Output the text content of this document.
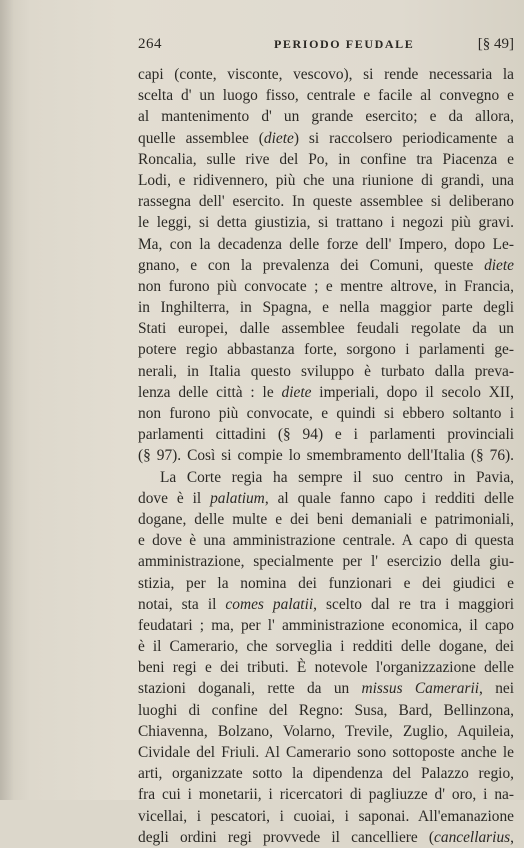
264	PERIODO FEUDALE	[§ 49]
capi (conte, visconte, vescovo), si rende necessaria la
scelta d' un luogo fisso, centrale e facile al convegno e
al mantenimento d' un grande esercito; e da allora,
quelle assemblee (diete) si raccolsero periodicamente a
Roncalia, sulle rive del Po, in confine tra Piacenza e
Lodi, e ridivennero, più che una riunione di grandi, una
rassegna dell' esercito. In queste assemblee si deliberano
le leggi, si detta giustizia, si trattano i negozi più gravi.
Ma, con la decadenza delle forze dell' Impero, dopo Le-
gnano, e con la prevalenza dei Comuni, queste diete
non furono più convocate ; e mentre altrove, in Francia,
in Inghilterra, in Spagna, e nella maggior parte degli
Stati europei, dalle assemblee feudali regolate da un
potere regio abbastanza forte, sorgono i parlamenti ge-
nerali, in Italia questo sviluppo è turbato dalla preva-
lenza delle città : le diete imperiali, dopo il secolo XII,
non furono più convocate, e quindi si ebbero soltanto i
parlamenti cittadini (§ 94) e i parlamenti provinciali
(§ 97). Così si compie lo smembramento dell'Italia (§ 76).
La Corte regia ha sempre il suo centro in Pavia,
dove è il palatium, al quale fanno capo i redditi delle
dogane, delle multe e dei beni demaniali e patrimoniali,
e dove è una amministrazione centrale. A capo di questa
amministrazione, specialmente per l' esercizio della giu-
stizia, per la nomina dei funzionari e dei giudici e
notai, sta il comes palatii, scelto dal re tra i maggiori
feudatari ; ma, per l' amministrazione economica, il capo
è il Camerario, che sorveglia i redditi delle dogane, dei
beni regi e dei tributi. È notevole l'organizzazione delle
stazioni doganali, rette da un missus Camerarii, nei
luoghi di confine del Regno: Susa, Bard, Bellinzona,
Chiavenna, Bolzano, Volarno, Trevile, Zuglio, Aquileia,
Cividale del Friuli. Al Camerario sono sottoposte anche le
arti, organizzate sotto la dipendenza del Palazzo regio,
fra cui i monetarii, i ricercatori di pagliuzze d' oro, i na-
vicellai, i pescatori, i cuoiai, i saponai. All'emanazione
degli ordini regi provvede il cancelliere (cancellarius,
